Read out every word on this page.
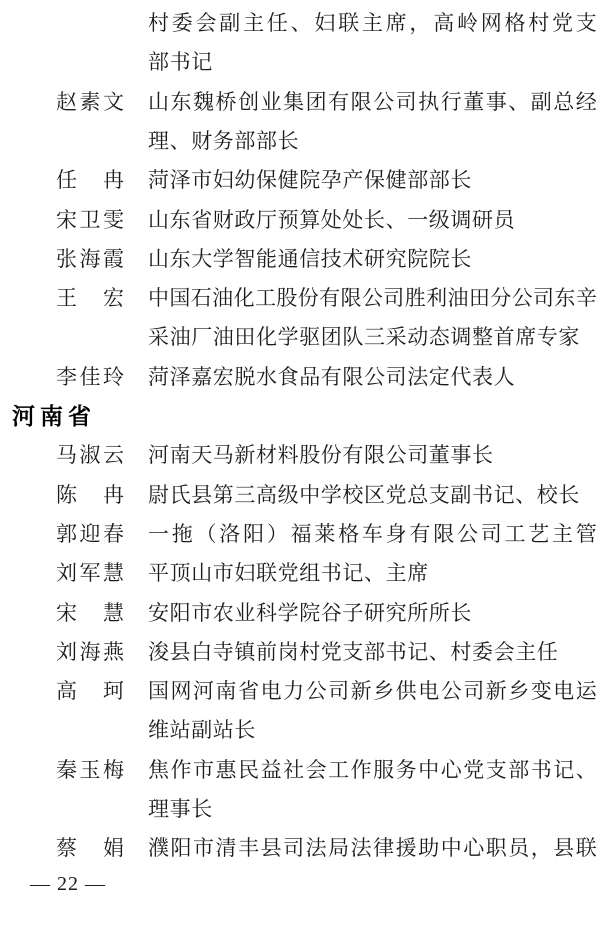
村 委 会 副 主 任 、 妇 联 主 席 ， 高 岭 网 格 村 党 支
部书记
赵 素 文 山 东 魏 桥 创 业 集 团 有 限 公 司 执 行 董 事 、 副 总 经
理、财务部部长
任 冉 菏泽市妇幼保健院孕产保健部部长
宋 卫 雯 山东省财政厅预算处处长、一级调研员
张 海 霞 山东大学智能通信技术研究院院长
王 宏 中 国 石 油 化 工 股 份 有 限 公 司 胜 利 油 田 分 公 司 东 辛
采油厂油田化学驱团队三采动态调整首席专家
李 佳 玲 菏泽嘉宏脱水食品有限公司法定代表人
河南省
马 淑 云 河南天马新材料股份有限公司董事长
陈 冉 尉氏县第三高级中学校区党总支副书记、校长
郭 迎 春 一 拖 （ 洛 阳 ） 福 莱 格 车 身 有 限 公 司 工 艺 主 管
刘 军 慧 平顶山市妇联党组书记、主席
宋 慧 安阳市农业科学院谷子研究所所长
刘 海 燕 浚县白寺镇前岗村党支部书记、村委会主任
高 珂 国 网 河 南 省 电 力 公 司 新 乡 供 电 公 司 新 乡 变 电 运
维站副站长
秦 玉 梅 焦 作 市 惠 民 益 社 会 工 作 服 务 中 心 党 支 部 书 记 、
理事长
蔡 娟 濮 阳 市 清 丰 县 司 法 局 法 律 援 助 中 心 职 员 ， 县 联
— 22 —
